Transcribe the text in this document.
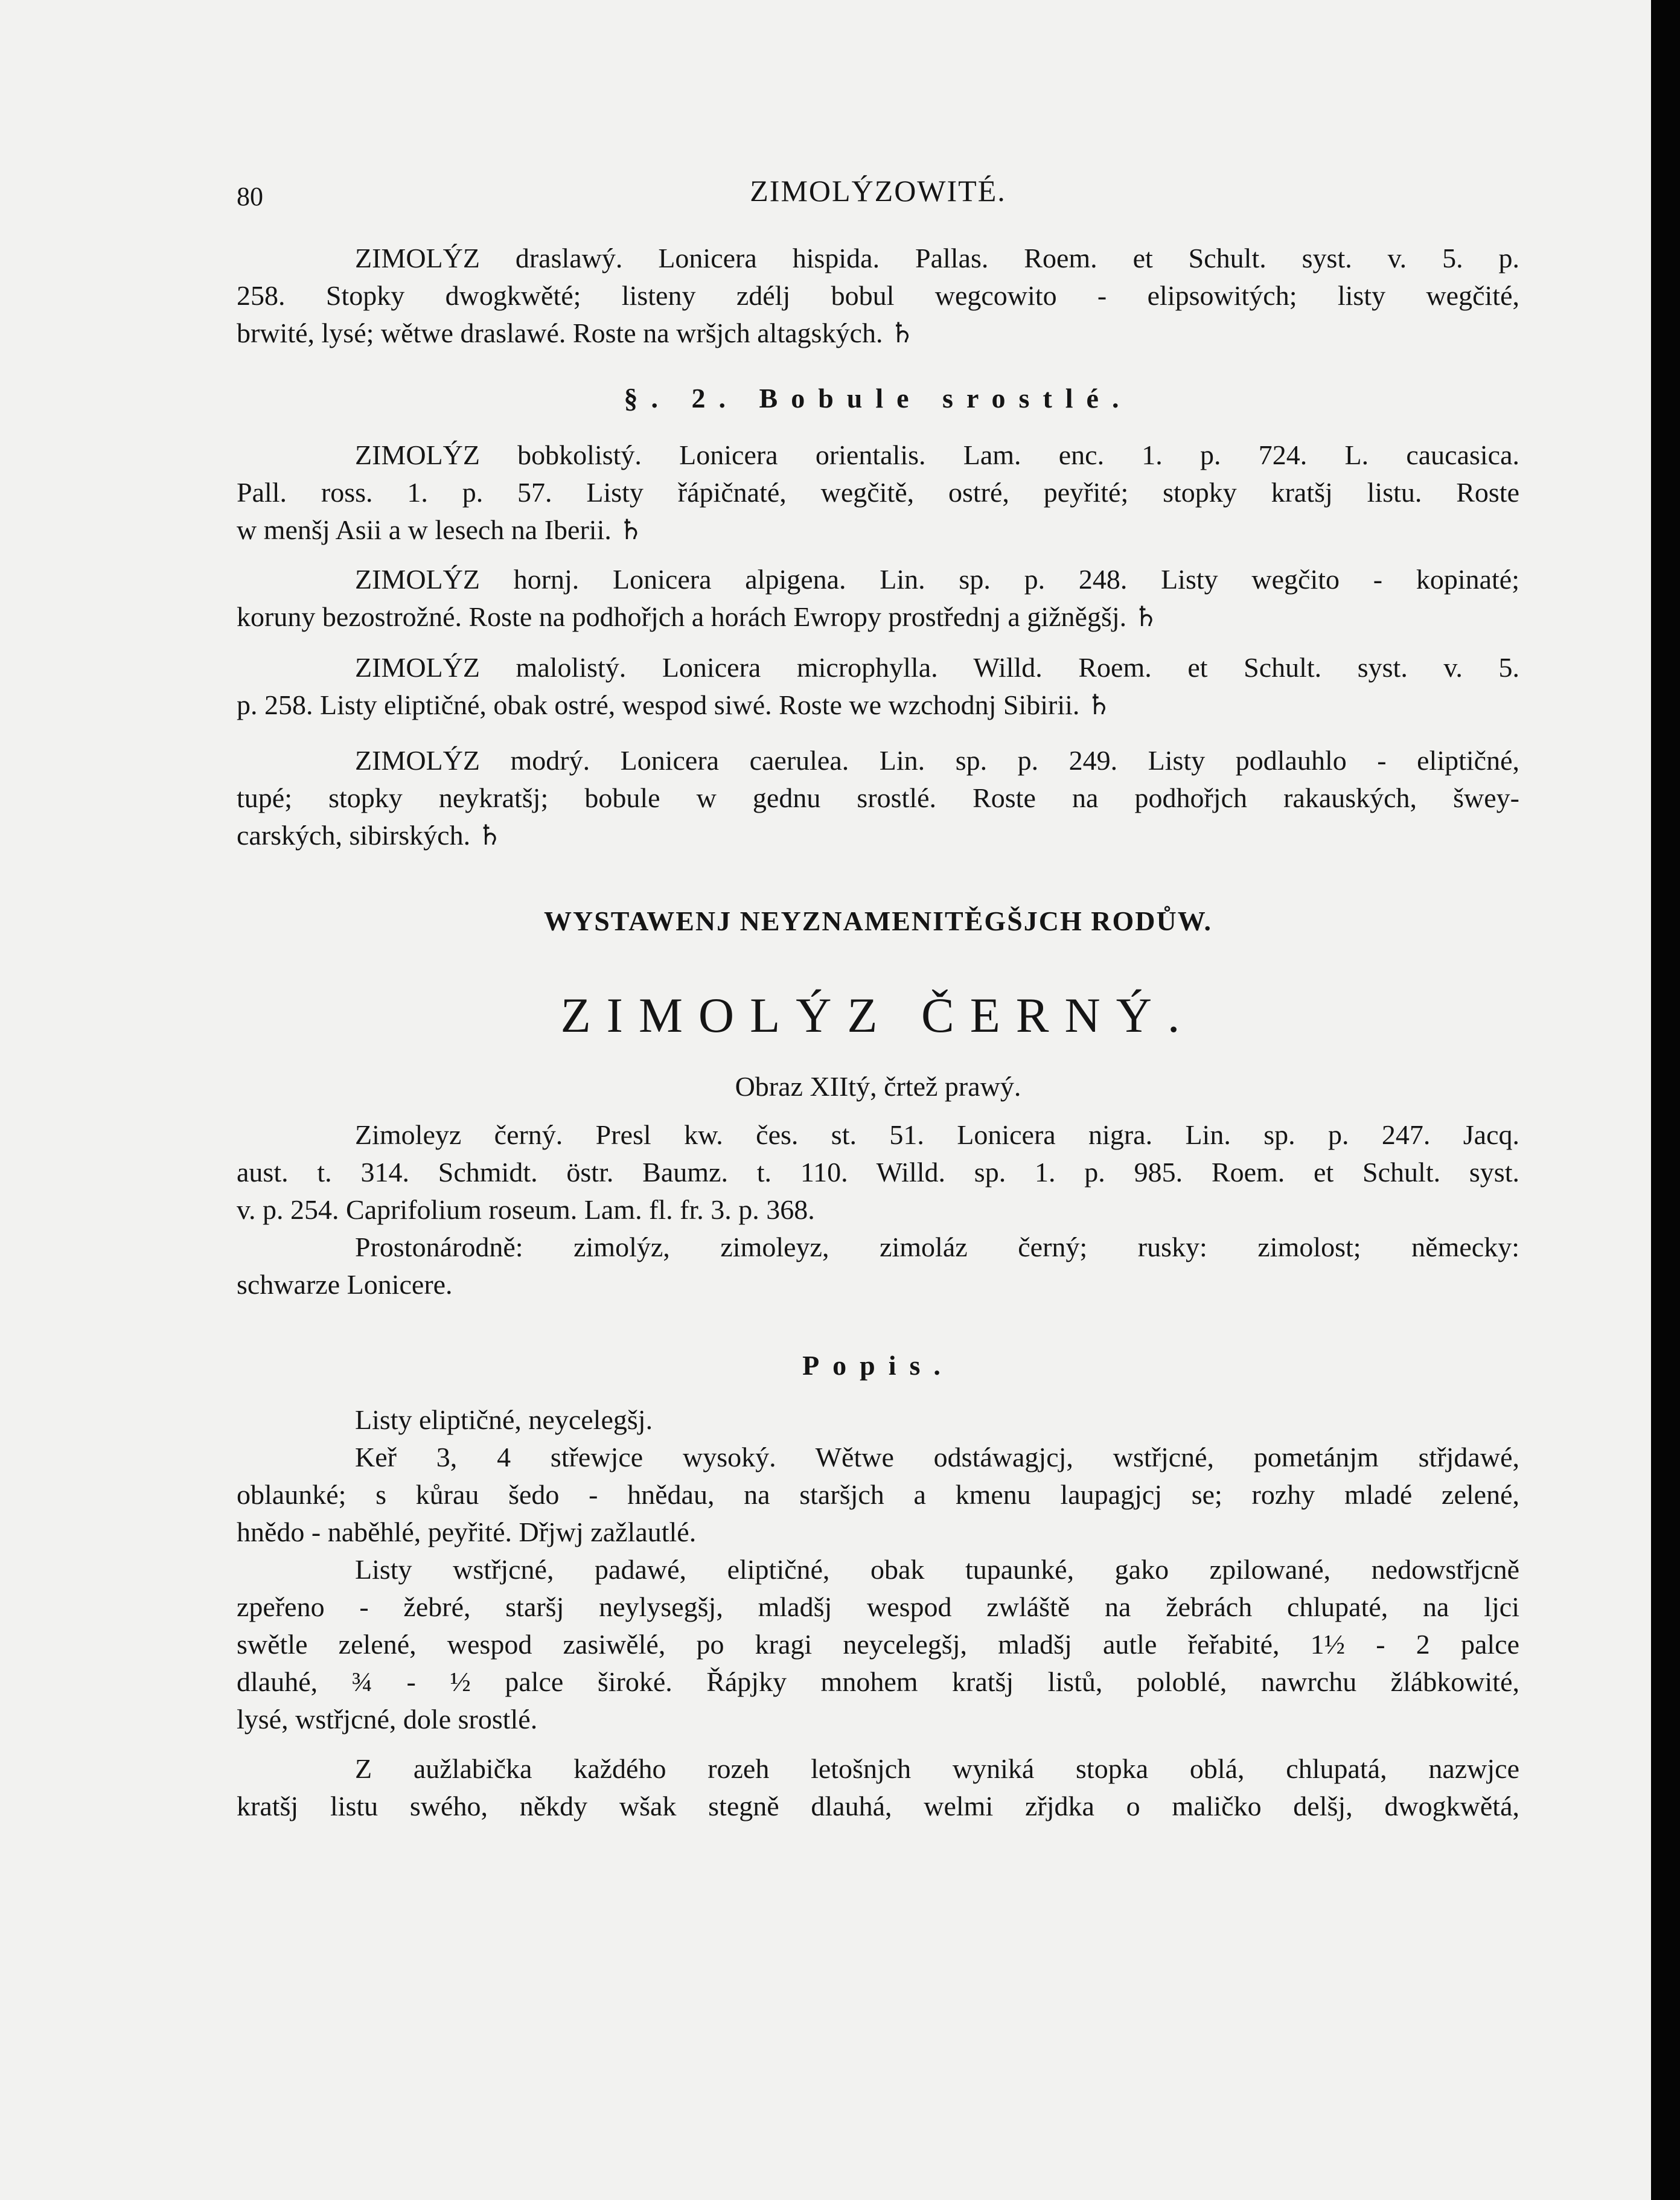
80	ZIMOLÝZOWITÉ.
ZIMOLÝZ draslawý. Lonicera hispida. Pallas. Roem. et Schult. syst. v. 5. p.
258. Stopky dwogkwěté; listeny zdélj bobul wegcowito - elipsowitých; listy wegčité,
brwité, lysé; wětwe draslawé. Roste na wršjch altagských. ♄
§. 2. Bobule srostlé.
ZIMOLÝZ bobkolistý. Lonicera orientalis. Lam. enc. 1. p. 724. L. caucasica.
Pall. ross. 1. p. 57. Listy řápičnaté, wegčitě, ostré, peyřité; stopky kratšj listu. Roste
w menšj Asii a w lesech na Iberii. ♄
ZIMOLÝZ hornj. Lonicera alpigena. Lin. sp. p. 248. Listy wegčito - kopinaté;
koruny bezostrožné. Roste na podhořjch a horách Ewropy prostřednj a gižněgšj. ♄
ZIMOLÝZ malolistý. Lonicera microphylla. Willd. Roem. et Schult. syst. v. 5.
p. 258. Listy eliptičné, obak ostré, wespod siwé. Roste we wzchodnj Sibirii. ♄
ZIMOLÝZ modrý. Lonicera caerulea. Lin. sp. p. 249. Listy podlauhlo - eliptičné,
tupé; stopky neykratšj; bobule w gednu srostlé. Roste na podhořjch rakauských, šwey-
carských, sibirských. ♄
WYSTAWENJ NEYZNAMENITĚGŠJCH RODŮW.
ZIMOLÝZ ČERNÝ.
Obraz XIItý, črtež prawý.
Zimoleyz černý. Presl kw. čes. st. 51. Lonicera nigra. Lin. sp. p. 247. Jacq.
aust. t. 314. Schmidt. östr. Baumz. t. 110. Willd. sp. 1. p. 985. Roem. et Schult. syst.
v. p. 254. Caprifolium roseum. Lam. fl. fr. 3. p. 368.
Prostonárodně: zimolýz, zimoleyz, zimoláz černý; rusky: zimolost; německy:
schwarze Lonicere.
Popis.
Listy eliptičné, neycelegšj.
Keř 3, 4 střewjce wysoký. Wětwe odstáwagjcj, wstřjcné, pometánjm střjdawé,
oblaunké; s kůrau šedo - hnědau, na staršjch a kmenu laupagjcj se; rozhy mladé zelené,
hnědo - naběhlé, peyřité. Dřjwj zažlautlé.
Listy wstřjcné, padawé, eliptičné, obak tupaunké, gako zpilowané, nedowstřjcně
zpeřeno - žebré, staršj neylysegšj, mladšj wespod zwláště na žebrách chlupaté, na ljci
swětle zelené, wespod zasiwělé, po kragi neycelegšj, mladšj autle řeřabité, 1½ - 2 palce
dlauhé, ¾ - ½ palce široké. Řápjky mnohem kratšj listů, poloblé, nawrchu žlábkowité,
lysé, wstřjcné, dole srostlé.
Z aužlabička každého rozeh letošnjch wyniká stopka oblá, chlupatá, nazwjce
kratšj listu swého, někdy wšak stegně dlauhá, welmi zřjdka o maličko delšj, dwogkwětá,
